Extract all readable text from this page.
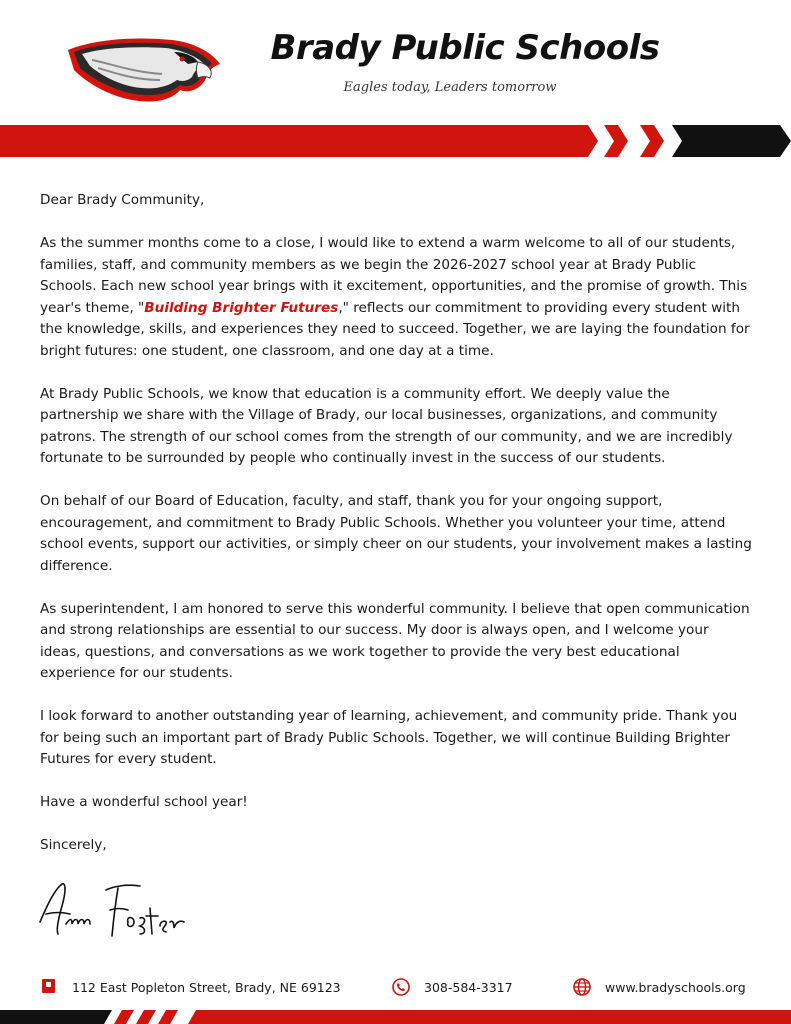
Brady Public Schools
Eagles today, Leaders tomorrow

Dear Brady Community,

As the summer months come to a close, I would like to extend a warm welcome to all of our students, families, staff, and community members as we begin the 2026-2027 school year at Brady Public Schools. Each new school year brings with it excitement, opportunities, and the promise of growth. This year's theme, "Building Brighter Futures," reflects our commitment to providing every student with the knowledge, skills, and experiences they need to succeed. Together, we are laying the foundation for bright futures: one student, one classroom, and one day at a time.

At Brady Public Schools, we know that education is a community effort. We deeply value the partnership we share with the Village of Brady, our local businesses, organizations, and community patrons. The strength of our school comes from the strength of our community, and we are incredibly fortunate to be surrounded by people who continually invest in the success of our students.

On behalf of our Board of Education, faculty, and staff, thank you for your ongoing support, encouragement, and commitment to Brady Public Schools. Whether you volunteer your time, attend school events, support our activities, or simply cheer on our students, your involvement makes a lasting difference.

As superintendent, I am honored to serve this wonderful community. I believe that open communication and strong relationships are essential to our success. My door is always open, and I welcome your ideas, questions, and conversations as we work together to provide the very best educational experience for our students.

I look forward to another outstanding year of learning, achievement, and community pride. Thank you for being such an important part of Brady Public Schools. Together, we will continue Building Brighter Futures for every student.

Have a wonderful school year!

Sincerely,

112 East Popleton Street, Brady, NE 69123	308-584-3317	www.bradyschools.org
